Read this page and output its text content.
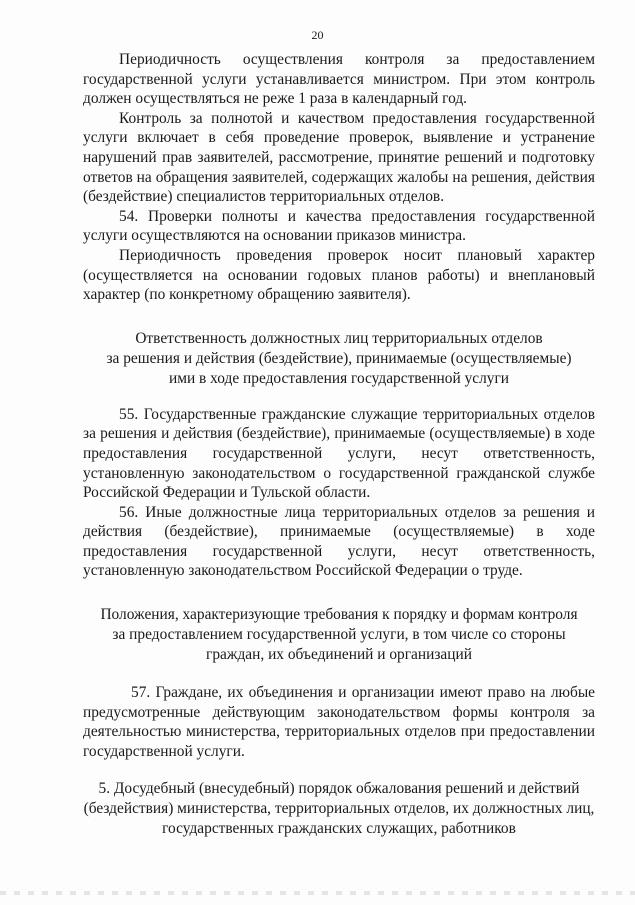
20

Периодичность осуществления контроля за предоставлением государственной услуги устанавливается министром. При этом контроль должен осуществляться не реже 1 раза в календарный год.

Контроль за полнотой и качеством предоставления государственной услуги включает в себя проведение проверок, выявление и устранение нарушений прав заявителей, рассмотрение, принятие решений и подготовку ответов на обращения заявителей, содержащих жалобы на решения, действия (бездействие) специалистов территориальных отделов.

54. Проверки полноты и качества предоставления государственной услуги осуществляются на основании приказов министра.

Периодичность проведения проверок носит плановый характер (осуществляется на основании годовых планов работы) и внеплановый характер (по конкретному обращению заявителя).

Ответственность должностных лиц территориальных отделов
за решения и действия (бездействие), принимаемые (осуществляемые)
ими в ходе предоставления государственной услуги

55. Государственные гражданские служащие территориальных отделов за решения и действия (бездействие), принимаемые (осуществляемые) в ходе предоставления государственной услуги, несут ответственность, установленную законодательством о государственной гражданской службе Российской Федерации и Тульской области.

56. Иные должностные лица территориальных отделов за решения и действия (бездействие), принимаемые (осуществляемые) в ходе предоставления государственной услуги, несут ответственность, установленную законодательством Российской Федерации о труде.

Положения, характеризующие требования к порядку и формам контроля
за предоставлением государственной услуги, в том числе со стороны
граждан, их объединений и организаций

57. Граждане, их объединения и организации имеют право на любые предусмотренные действующим законодательством формы контроля за деятельностью министерства, территориальных отделов при предоставлении государственной услуги.

5. Досудебный (внесудебный) порядок обжалования решений и действий
(бездействия) министерства, территориальных отделов, их должностных лиц,
государственных гражданских служащих, работников
